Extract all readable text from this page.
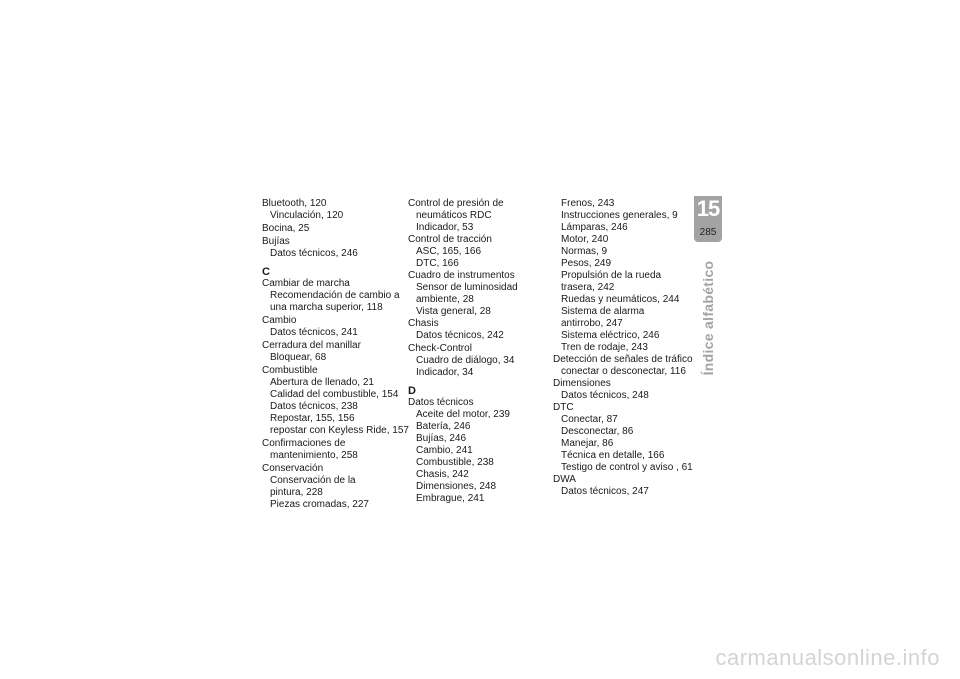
Bluetooth, 120
Vinculación, 120
Bocina, 25
Bujías
Datos técnicos, 246
C
Cambiar de marcha
Recomendación de cambio a
una marcha superior, 118
Cambio
Datos técnicos, 241
Cerradura del manillar
Bloquear, 68
Combustible
Abertura de llenado, 21
Calidad del combustible, 154
Datos técnicos, 238
Repostar, 155, 156
repostar con Keyless Ride, 157
Confirmaciones de
mantenimiento, 258
Conservación
Conservación de la
pintura, 228
Piezas cromadas, 227
Control de presión de
neumáticos RDC
Indicador, 53
Control de tracción
ASC, 165, 166
DTC, 166
Cuadro de instrumentos
Sensor de luminosidad
ambiente, 28
Vista general, 28
Chasis
Datos técnicos, 242
Check-Control
Cuadro de diálogo, 34
Indicador, 34
D
Datos técnicos
Aceite del motor, 239
Batería, 246
Bujías, 246
Cambio, 241
Combustible, 238
Chasis, 242
Dimensiones, 248
Embrague, 241
Frenos, 243
Instrucciones generales, 9
Lámparas, 246
Motor, 240
Normas, 9
Pesos, 249
Propulsión de la rueda
trasera, 242
Ruedas y neumáticos, 244
Sistema de alarma
antirrobo, 247
Sistema eléctrico, 246
Tren de rodaje, 243
Detección de señales de tráfico
conectar o desconectar, 116
Dimensiones
Datos técnicos, 248
DTC
Conectar, 87
Desconectar, 86
Manejar, 86
Técnica en detalle, 166
Testigo de control y aviso , 61
DWA
Datos técnicos, 247
15
285
Índice alfabético
carmanualsonline.info
